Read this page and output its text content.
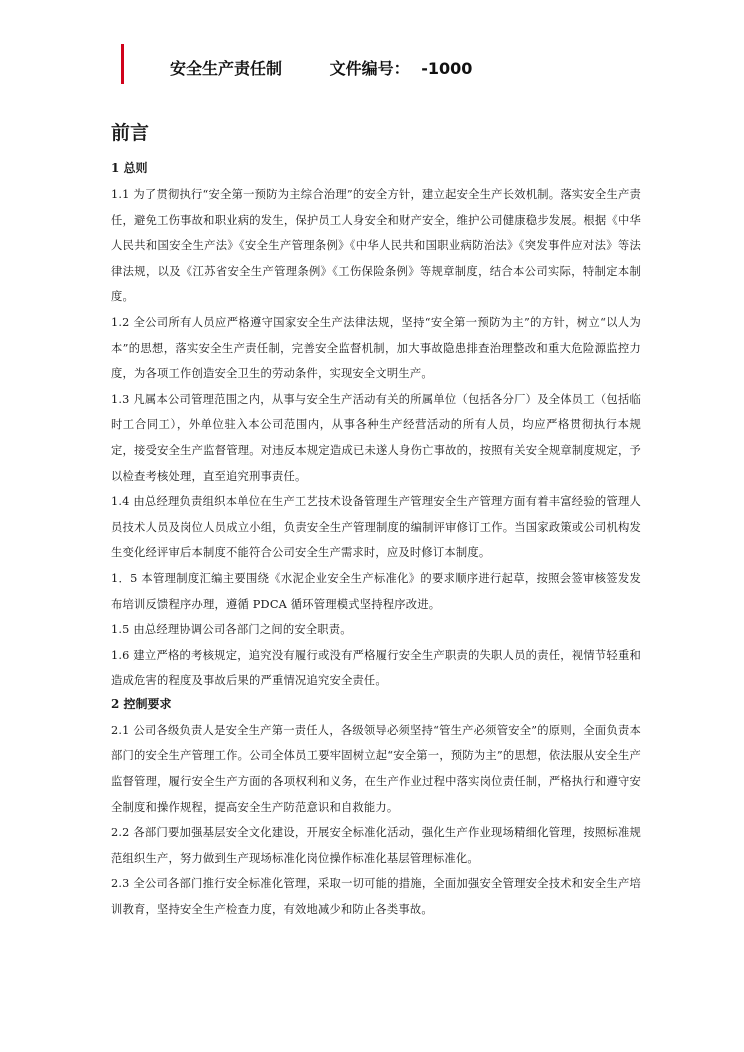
安全生产责任制	文件编号： -1000
前言
1 总则

1.1 为了贯彻执行“安全第一预防为主综合治理”的安全方针，建立起安全生产长效机制。落实安全生产责任，避免工伤事故和职业病的发生，保护员工人身安全和财产安全，维护公司健康稳步发展。根据《中华人民共和国安全生产法》《安全生产管理条例》《中华人民共和国职业病防治法》《突发事件应对法》等法律法规，以及《江苏省安全生产管理条例》《工伤保险条例》等规章制度，结合本公司实际，特制定本制度。

1.2 全公司所有人员应严格遵守国家安全生产法律法规，坚持“安全第一预防为主”的方针，树立“以人为本”的思想，落实安全生产责任制，完善安全监督机制，加大事故隐患排查治理整改和重大危险源监控力度，为各项工作创造安全卫生的劳动条件，实现安全文明生产。

1.3 凡属本公司管理范围之内，从事与安全生产活动有关的所属单位（包括各分厂）及全体员工（包括临时工合同工），外单位驻入本公司范围内，从事各种生产经营活动的所有人员，均应严格贯彻执行本规定，接受安全生产监督管理。对违反本规定造成已未遂人身伤亡事故的，按照有关安全规章制度规定，予以检查考核处理，直至追究刑事责任。

1.4 由总经理负责组织本单位在生产工艺技术设备管理生产管理安全生产管理方面有着丰富经验的管理人员技术人员及岗位人员成立小组，负责安全生产管理制度的编制评审修订工作。当国家政策或公司机构发生变化经评审后本制度不能符合公司安全生产需求时，应及时修订本制度。

1．5 本管理制度汇编主要围绕《水泥企业安全生产标准化》的要求顺序进行起草，按照会签审核签发发布培训反馈程序办理，遵循 PDCA 循环管理模式坚持程序改进。

1.5 由总经理协调公司各部门之间的安全职责。

1.6 建立严格的考核规定，追究没有履行或没有严格履行安全生产职责的失职人员的责任，视情节轻重和造成危害的程度及事故后果的严重情况追究安全责任。

2 控制要求

2.1 公司各级负责人是安全生产第一责任人，各级领导必须坚持“管生产必须管安全”的原则，全面负责本部门的安全生产管理工作。公司全体员工要牢固树立起“安全第一，预防为主”的思想，依法服从安全生产监督管理，履行安全生产方面的各项权利和义务，在生产作业过程中落实岗位责任制，严格执行和遵守安全制度和操作规程，提高安全生产防范意识和自救能力。

2.2 各部门要加强基层安全文化建设，开展安全标准化活动，强化生产作业现场精细化管理，按照标准规范组织生产，努力做到生产现场标准化岗位操作标准化基层管理标准化。

2.3 全公司各部门推行安全标准化管理，采取一切可能的措施，全面加强安全管理安全技术和安全生产培训教育，坚持安全生产检查力度，有效地减少和防止各类事故。
